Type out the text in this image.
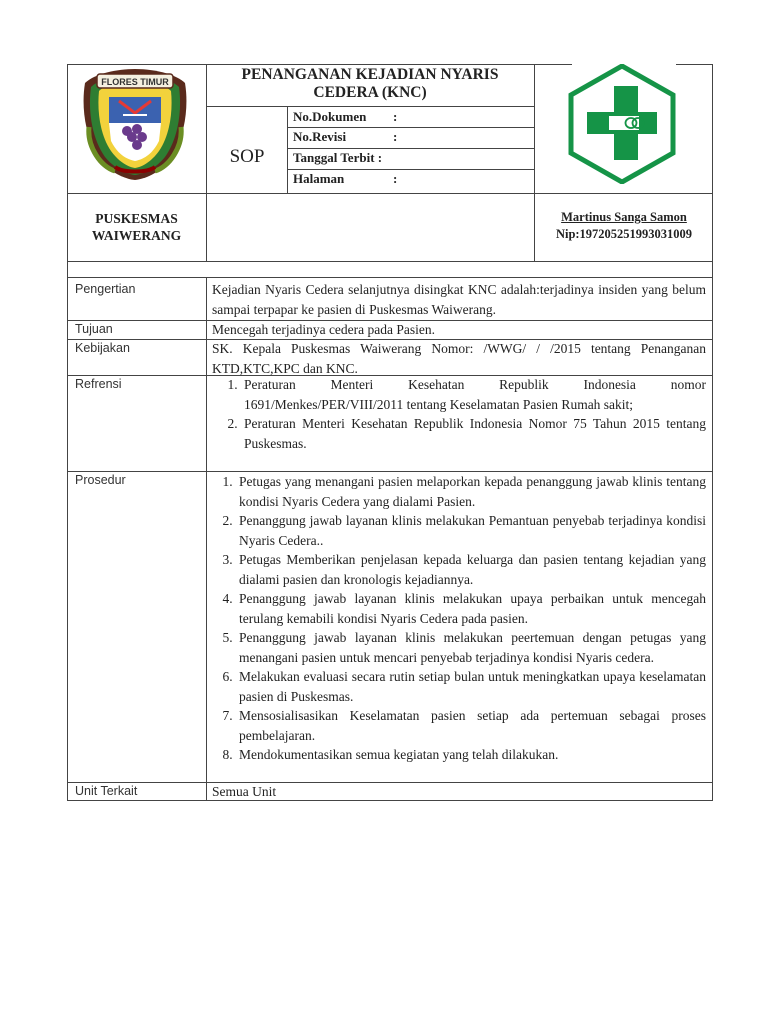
FLORES TIMUR	PENANGANAN KEJADIAN NYARIS CEDERA (KNC)
SOP
No.Dokumen :
No.Revisi	:
Tanggal Terbit :
Halaman	:
PUSKESMAS
WAIWERANG
Martinus Sanga Samon
Nip:197205251993031009
Pengertian	Kejadian Nyaris Cedera selanjutnya disingkat KNC adalah:terjadinya insiden yang belum sampai terpapar ke pasien di Puskesmas Waiwerang.
Tujuan	Mencegah terjadinya cedera pada Pasien.
Kebijakan	SK. Kepala Puskesmas Waiwerang Nomor: /WWG/ / /2015 tentang Penanganan KTD,KTC,KPC dan KNC.
Refrensi	1. Peraturan Menteri Kesehatan Republik Indonesia nomor 1691/Menkes/PER/VIII/2011 tentang Keselamatan Pasien Rumah sakit;
2. Peraturan Menteri Kesehatan Republik Indonesia Nomor 75 Tahun 2015 tentang Puskesmas.
Prosedur	1. Petugas yang menangani pasien melaporkan kepada penanggung jawab klinis tentang kondisi Nyaris Cedera yang dialami Pasien.
2. Penanggung jawab layanan klinis melakukan Pemantuan penyebab terjadinya kondisi Nyaris Cedera..
3. Petugas Memberikan penjelasan kepada keluarga dan pasien tentang kejadian yang dialami pasien dan kronologis kejadiannya.
4. Penanggung jawab layanan klinis melakukan upaya perbaikan untuk mencegah terulang kemabili kondisi Nyaris Cedera pada pasien.
5. Penanggung jawab layanan klinis melakukan peertemuan dengan petugas yang menangani pasien untuk mencari penyebab terjadinya kondisi Nyaris cedera.
6. Melakukan evaluasi secara rutin setiap bulan untuk meningkatkan upaya keselamatan pasien di Puskesmas.
7. Mensosialisasikan Keselamatan pasien setiap ada pertemuan sebagai proses pembelajaran.
8. Mendokumentasikan semua kegiatan yang telah dilakukan.
Unit Terkait	Semua Unit
